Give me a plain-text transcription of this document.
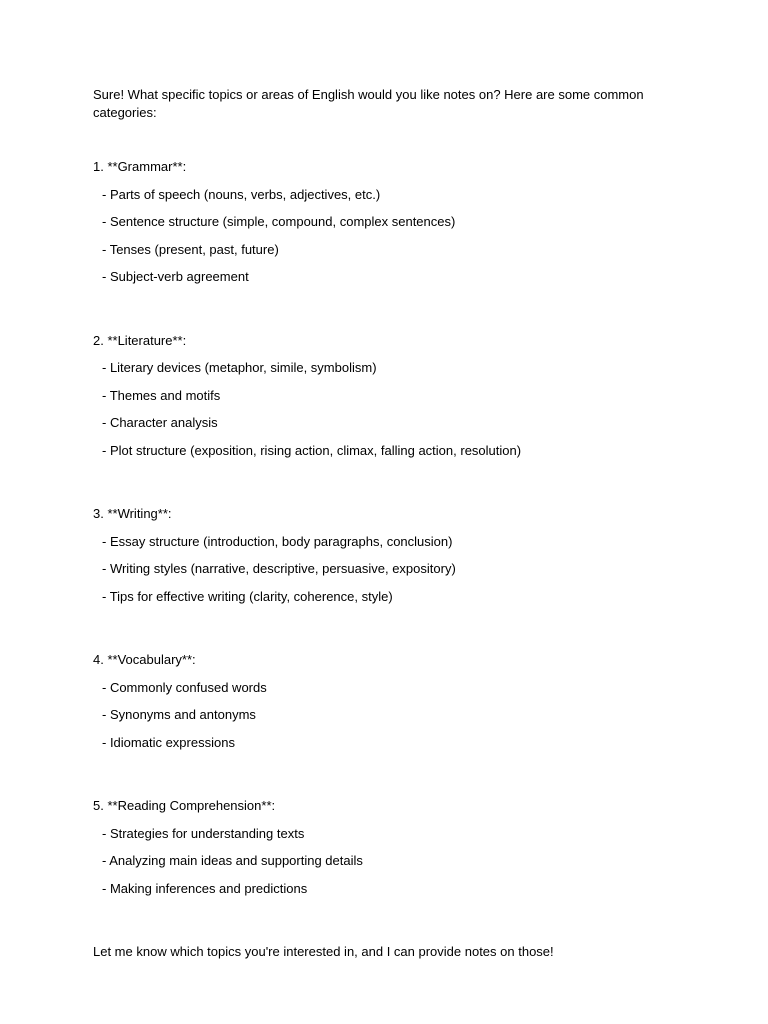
Sure! What specific topics or areas of English would you like notes on? Here are some common categories:

1. **Grammar**:
- Parts of speech (nouns, verbs, adjectives, etc.)
- Sentence structure (simple, compound, complex sentences)
- Tenses (present, past, future)
- Subject-verb agreement
2. **Literature**:
- Literary devices (metaphor, simile, symbolism)
- Themes and motifs
- Character analysis
- Plot structure (exposition, rising action, climax, falling action, resolution)
3. **Writing**:
- Essay structure (introduction, body paragraphs, conclusion)
- Writing styles (narrative, descriptive, persuasive, expository)
- Tips for effective writing (clarity, coherence, style)
4. **Vocabulary**:
- Commonly confused words
- Synonyms and antonyms
- Idiomatic expressions
5. **Reading Comprehension**:
- Strategies for understanding texts
- Analyzing main ideas and supporting details
- Making inferences and predictions

Let me know which topics you're interested in, and I can provide notes on those!
